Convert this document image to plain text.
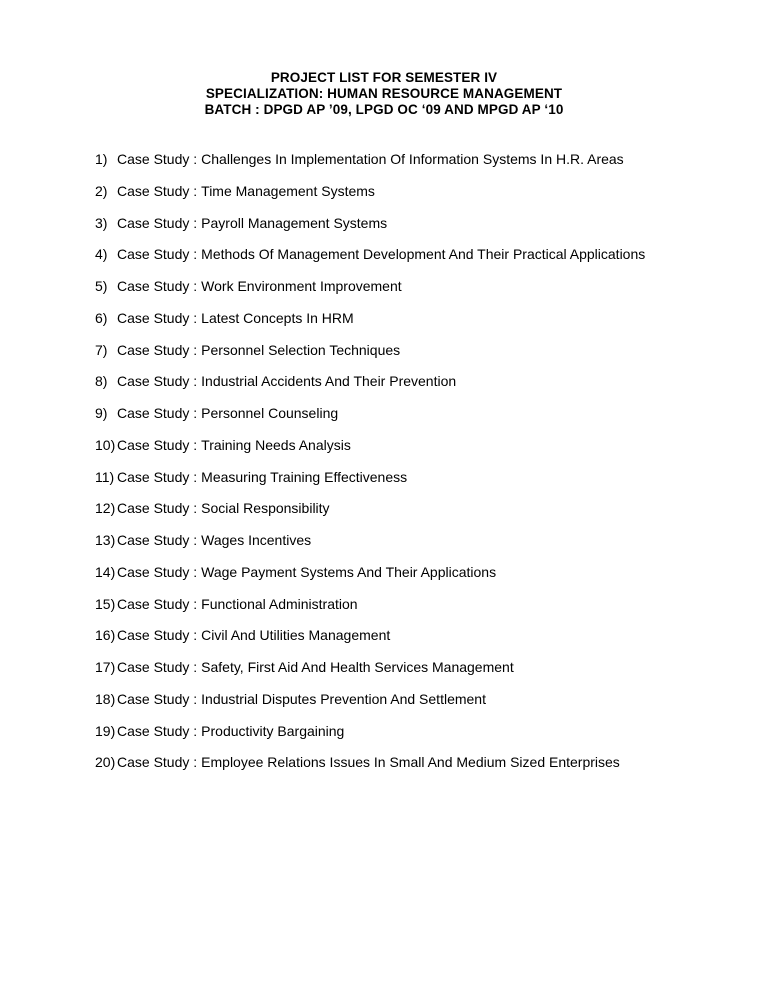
PROJECT LIST FOR SEMESTER IV
SPECIALIZATION: HUMAN RESOURCE MANAGEMENT
BATCH : DPGD AP ’09, LPGD OC ‘09 AND MPGD AP ‘10
1) Case Study : Challenges In Implementation Of Information Systems In H.R. Areas
2) Case Study : Time Management Systems
3) Case Study : Payroll Management Systems
4) Case Study : Methods Of Management Development And Their Practical Applications
5) Case Study : Work Environment Improvement
6) Case Study : Latest Concepts In HRM
7) Case Study : Personnel Selection Techniques
8) Case Study : Industrial Accidents And Their Prevention
9) Case Study : Personnel Counseling
10) Case Study : Training Needs Analysis
11) Case Study : Measuring Training Effectiveness
12) Case Study : Social Responsibility
13) Case Study : Wages Incentives
14) Case Study : Wage Payment Systems And Their Applications
15) Case Study : Functional Administration
16) Case Study : Civil And Utilities Management
17) Case Study : Safety, First Aid And Health Services Management
18) Case Study : Industrial Disputes Prevention And Settlement
19) Case Study : Productivity Bargaining
20) Case Study : Employee Relations Issues In Small And Medium Sized Enterprises
